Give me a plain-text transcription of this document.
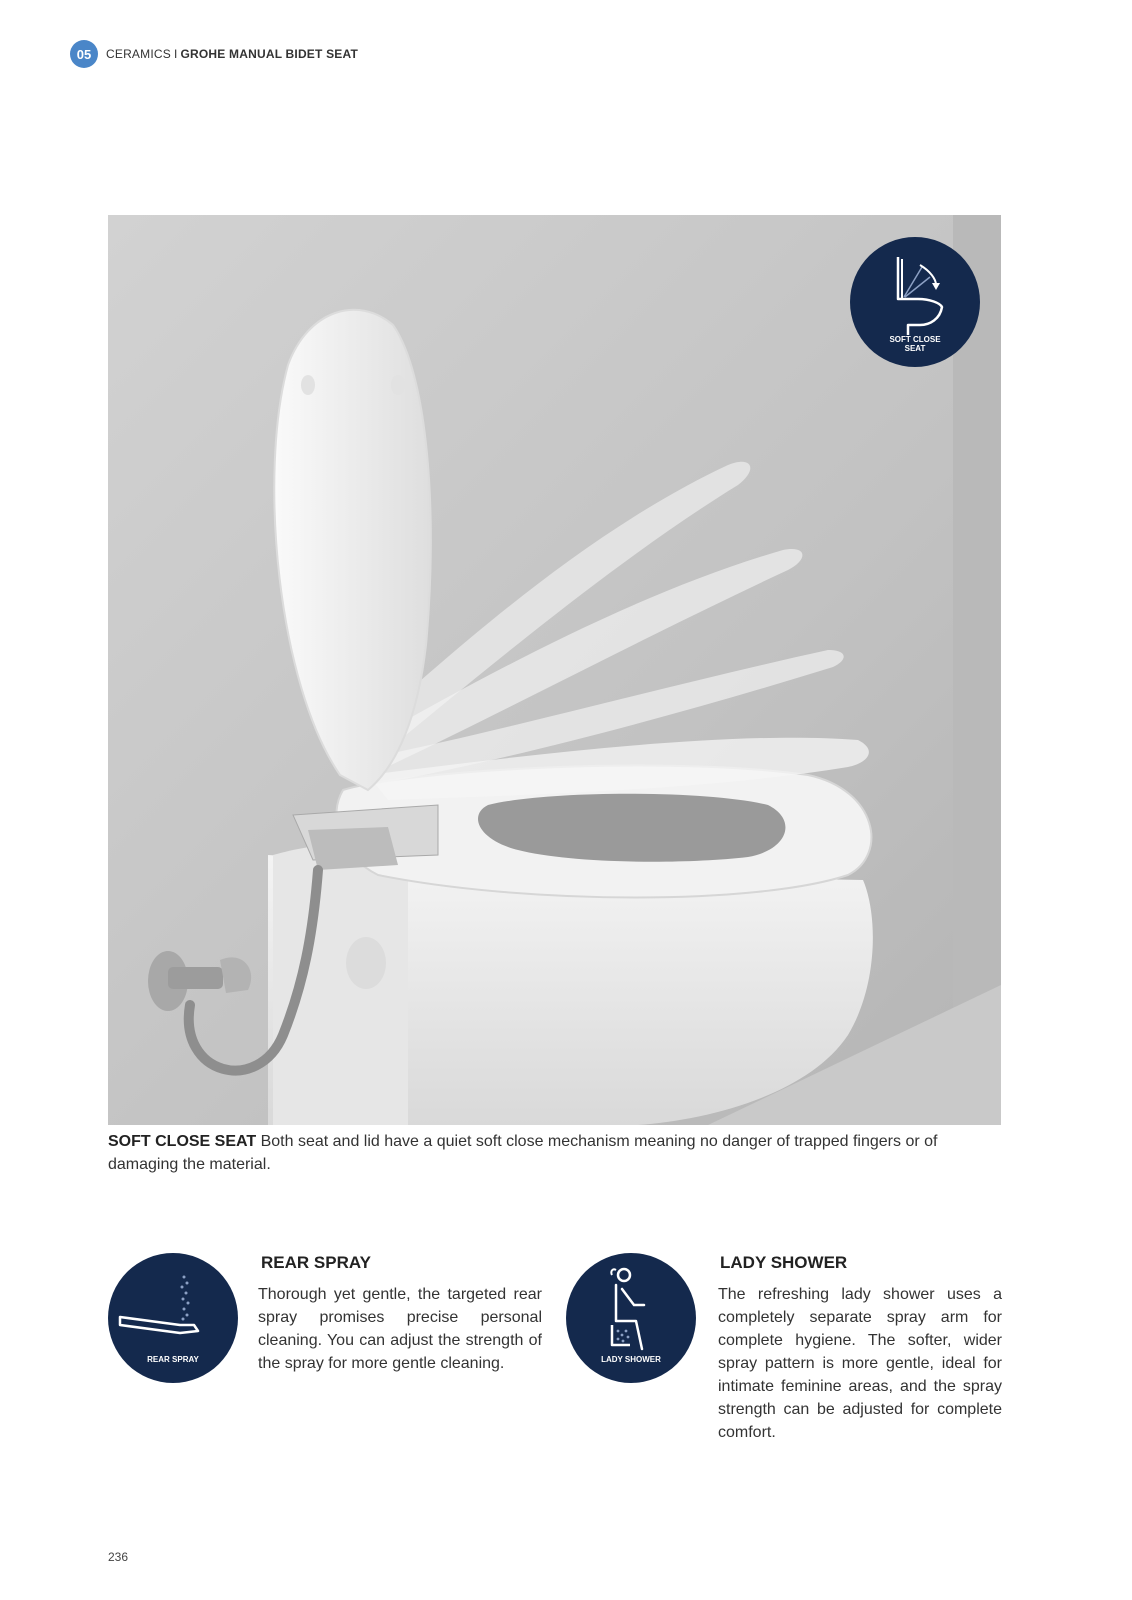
05	CERAMICS I GROHE MANUAL BIDET SEAT
SOFT CLOSE
SEAT
SOFT CLOSE SEAT Both seat and lid have a quiet soft close mechanism meaning no danger of trapped fingers or of damaging the material.
REAR SPRAY
REAR SPRAY
Thorough yet gentle, the targeted rear spray promises precise personal cleaning. You can adjust the strength of the spray for more gentle cleaning.	LADY SHOWER
LADY SHOWER
The refreshing lady shower uses a completely separate spray arm for complete hygiene. The softer, wider spray pattern is more gentle, ideal for intimate feminine areas, and the spray strength can be adjusted for complete comfort.
236
